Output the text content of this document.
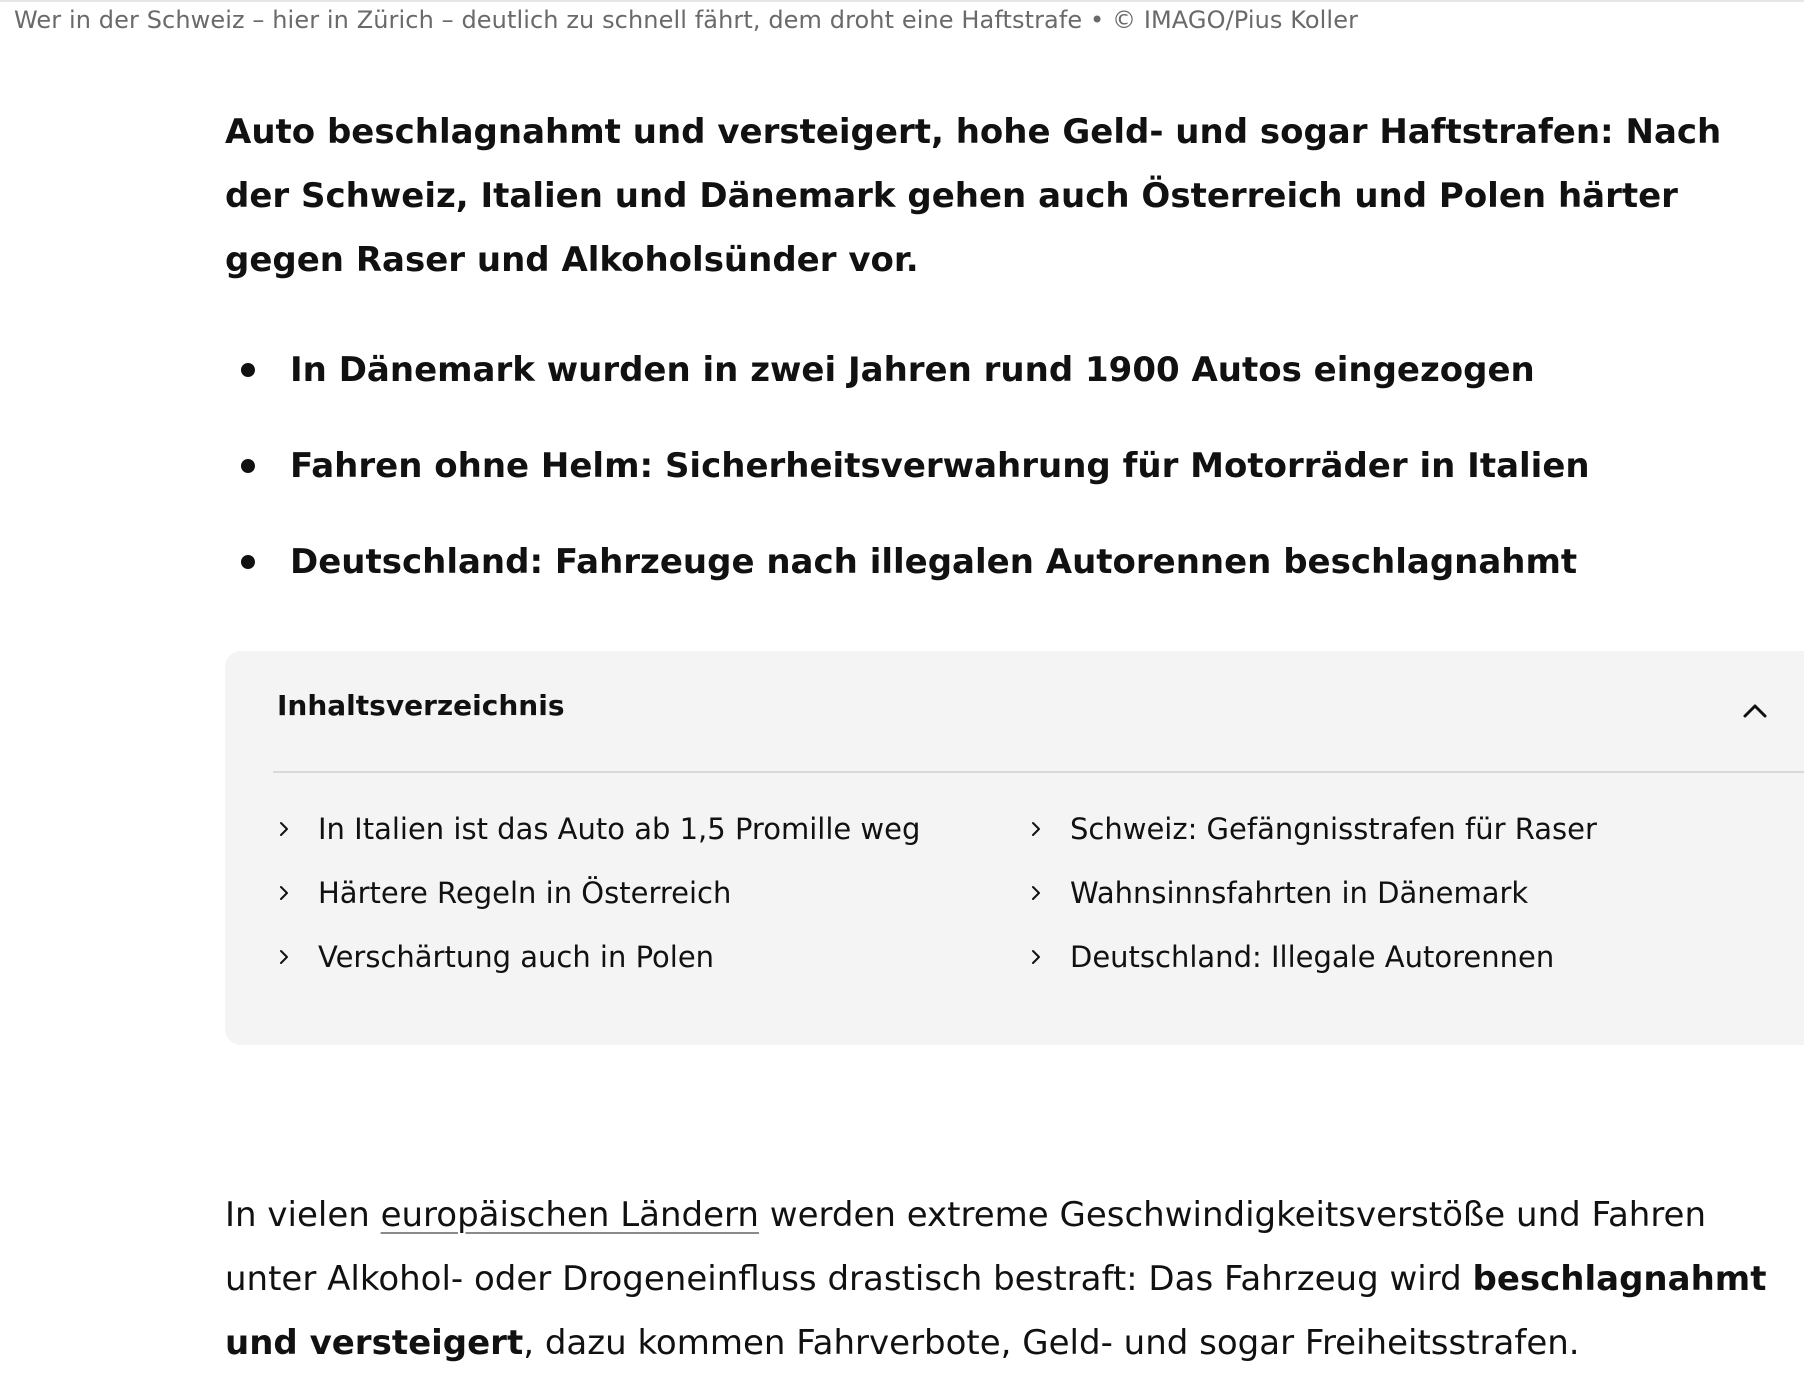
Wer in der Schweiz – hier in Zürich – deutlich zu schnell fährt, dem droht eine Haftstrafe • © IMAGO/Pius Koller

Auto beschlagnahmt und versteigert, hohe Geld- und sogar Haftstrafen: Nach der Schweiz, Italien und Dänemark gehen auch Österreich und Polen härter gegen Raser und Alkoholsünder vor.

In Dänemark wurden in zwei Jahren rund 1900 Autos eingezogen
Fahren ohne Helm: Sicherheitsverwahrung für Motorräder in Italien
Deutschland: Fahrzeuge nach illegalen Autorennen beschlagnahmt
Inhaltsverzeichnis
In Italien ist das Auto ab 1,5 Promille weg	Schweiz: Gefängnisstrafen für Raser
Härtere Regeln in Österreich	Wahnsinnsfahrten in Dänemark
Verschärtung auch in Polen	Deutschland: Illegale Autorennen

In vielen europäischen Ländern werden extreme Geschwindigkeitsverstöße und Fahren unter Alkohol- oder Drogeneinfluss drastisch bestraft: Das Fahrzeug wird beschlagnahmt und versteigert, dazu kommen Fahrverbote, Geld- und sogar Freiheitsstrafen.
